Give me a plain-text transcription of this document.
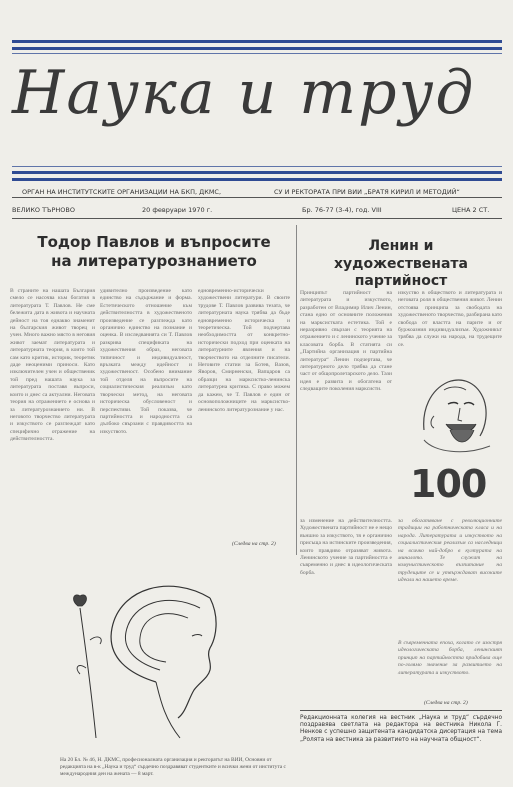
Наука и труд
ОРГАН НА ИНСТИТУТСКИТЕ ОРГАНИЗАЦИИ НА БКП, ДКМС,	СУ И РЕКТОРАТА ПРИ ВИИ „БРАТЯ КИРИЛ И МЕТОДИЙ“
ВЕЛИКО ТЪРНОВО	20 февруари 1970 г.	Бр. 76-77 (3-4), год. VIII	ЦЕНА 2 СТ.
Тодор Павлов и въпросите
на литературознанието
Ленин и художествената
партийност
В страните на нашата България смело се насочва към богатия в литературата Т. Павлов. Не сме бележита дата в живота и научната дейност на тоя еднакво знаменит на българския живот творец и учен. Много важно място в неговия живот заемат литературата и литературната теория, в които той сам като критик, историк, теоретик даде неоценими приноси. Като изключителен учен и общественик той пред нашата наука за литературата поставя въпроси, които и днес са актуални. Неговата теория на отражението е основа и за литературознанието ни. В неговото творчество литературата и изкуството се разглеждат като специфично отражение на действителността.
удивително произведение като единство на съдържание и форма. Естетическото отношение към действителността в художественото произведение се разглежда като органично единство на познание и оценка. В изследванията си Т. Павлов разкрива спецификата на художествения образ, неговата типичност и индивидуалност, връзката между идейност и художественост. Особено внимание той отделя на въпросите на социалистическия реализъм като творчески метод, на неговата историческа обусловеност и перспективи. Той показва, че партийността и народността са дълбоко свързани с правдивостта на изкуството.
едновременно-исторически художествени литератури. В своите трудове Т. Павлов развива тезата, че литературната наука трябва да бъде едновременно историческа и теоретическа. Той подчертава необходимостта от конкретно-исторически подход при оценката на литературните явления и на творчеството на отделните писатели. Неговите статии за Ботев, Вазов, Яворов, Смирненски, Вапцаров са образци на марксистко-ленинска литературна критика. С право можем да кажем, че Т. Павлов е един от основоположниците на марксистко-ленинското литературознание у нас.
(Следва на стр. 2)
Принципът партийност на литературата и изкуството, разработен от Владимир Илич Ленин, стана едно от основните положения на марксистката естетика. Той е неразривно свързан с теорията на отражението и с ленинското учение за класовата борба. В статията си „Партийна организация и партийна литература“ Ленин подчертава, че литературното дело трябва да стане част от общопролетарското дело. Тази идея е развита и обогатена от следващите поколения марксисти.
изкуство в обществото и литературата и неговата роля в обществения живот. Ленин отстоява принципа за свободата на художественото творчество, разбирана като свобода от властта на парите и от буржоазния индивидуализъм. Художникът трябва да служи на народа, на трудещите се.
100
за изменение на действителността. Художествената партийност не е нещо външно за изкуството, тя е органично присъща на истинските произведения, които правдиво отразяват живота. Ленинското учение за партийността е съвременно и днес в идеологическата борба.
за обогатяване с революционните традиции на работническата класа и на народа. Литературата и изкуството на социалистическия реализъм са наследници на всичко най-добро в културата на миналото. Те служат на комунистическото възпитание на трудещите се и утвърждават високите идеали на нашето време.
В съвременната епоха, когато се изостря идеологическата борба, ленинският принцип на партийността придобива още по-голямо значение за развитието на литературата и изкуството.
(Следва на стр. 2)
На 20 Бл. № 46, Н. ДКМС, професионалната организация и ректоратът на ВИИ, Основни от редакцията на в-к „Наука и труд“ сърдечно поздравяват студентките и всички жени от института с международния ден на жената — 8 март.
Редакционната колегия на вестник „Наука и труд“ сърдечно поздравява светлата на редактора на вестника Никола Г. Ненков с успешно защитената кандидатска дисертация на тема „Ролята на вестника за развитието на научната общност“.
